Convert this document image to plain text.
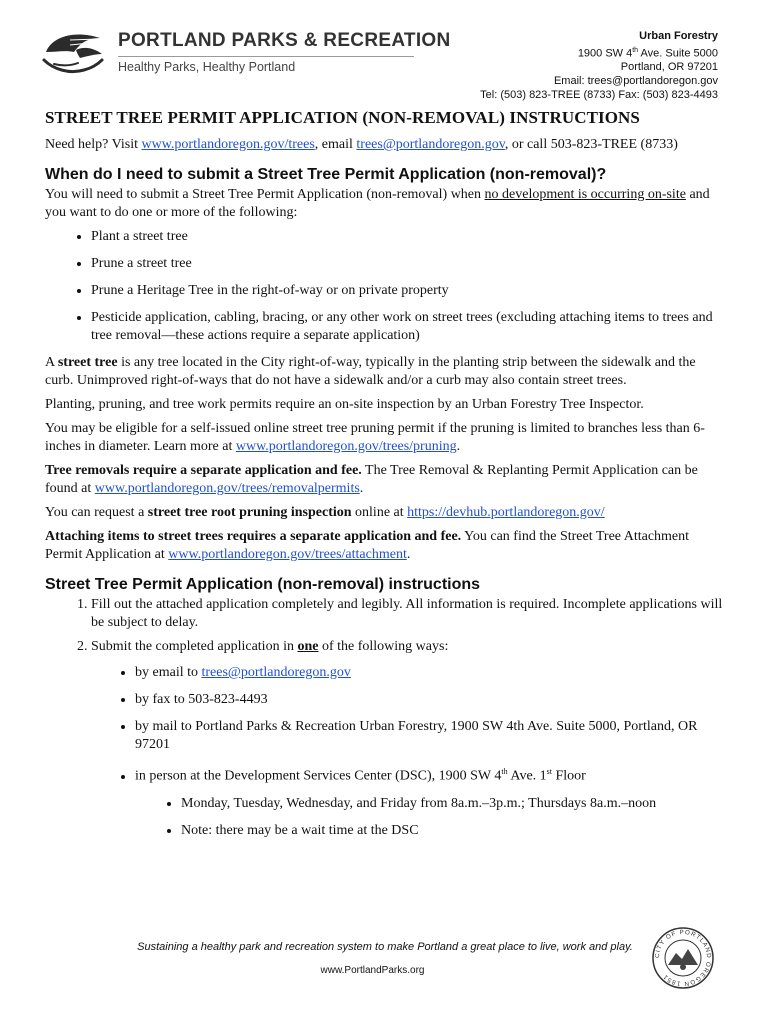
PORTLAND PARKS & RECREATION
Healthy Parks, Healthy Portland
Urban Forestry
1900 SW 4th Ave. Suite 5000
Portland, OR 97201
Email: trees@portlandoregon.gov
Tel: (503) 823-TREE (8733) Fax: (503) 823-4493
STREET TREE PERMIT APPLICATION (NON-REMOVAL) INSTRUCTIONS

Need help? Visit www.portlandoregon.gov/trees, email trees@portlandoregon.gov, or call 503-823-TREE (8733)

When do I need to submit a Street Tree Permit Application (non-removal)?

You will need to submit a Street Tree Permit Application (non-removal) when no development is occurring on-site and you want to do one or more of the following:

• Plant a street tree
• Prune a street tree
• Prune a Heritage Tree in the right-of-way or on private property
• Pesticide application, cabling, bracing, or any other work on street trees (excluding attaching items to trees and tree removal—these actions require a separate application)

A street tree is any tree located in the City right-of-way, typically in the planting strip between the sidewalk and the curb. Unimproved right-of-ways that do not have a sidewalk and/or a curb may also contain street trees.

Planting, pruning, and tree work permits require an on-site inspection by an Urban Forestry Tree Inspector.

You may be eligible for a self-issued online street tree pruning permit if the pruning is limited to branches less than 6-inches in diameter. Learn more at www.portlandoregon.gov/trees/pruning.

Tree removals require a separate application and fee. The Tree Removal & Replanting Permit Application can be found at www.portlandoregon.gov/trees/removalpermits.

You can request a street tree root pruning inspection online at https://devhub.portlandoregon.gov/

Attaching items to street trees requires a separate application and fee. You can find the Street Tree Attachment Permit Application at www.portlandoregon.gov/trees/attachment.

Street Tree Permit Application (non-removal) instructions
1. Fill out the attached application completely and legibly. All information is required. Incomplete applications will be subject to delay.
2. Submit the completed application in one of the following ways:
• by email to trees@portlandoregon.gov
• by fax to 503-823-4493
• by mail to Portland Parks & Recreation Urban Forestry, 1900 SW 4th Ave. Suite 5000, Portland, OR 97201
• in person at the Development Services Center (DSC), 1900 SW 4th Ave. 1st Floor
• Monday, Tuesday, Wednesday, and Friday from 8a.m.–3p.m.; Thursdays 8a.m.–noon
• Note: there may be a wait time at the DSC
Sustaining a healthy park and recreation system to make Portland a great place to live, work and play.
www.PortlandParks.org
CITY OF PORTLAND OREGON 1851
